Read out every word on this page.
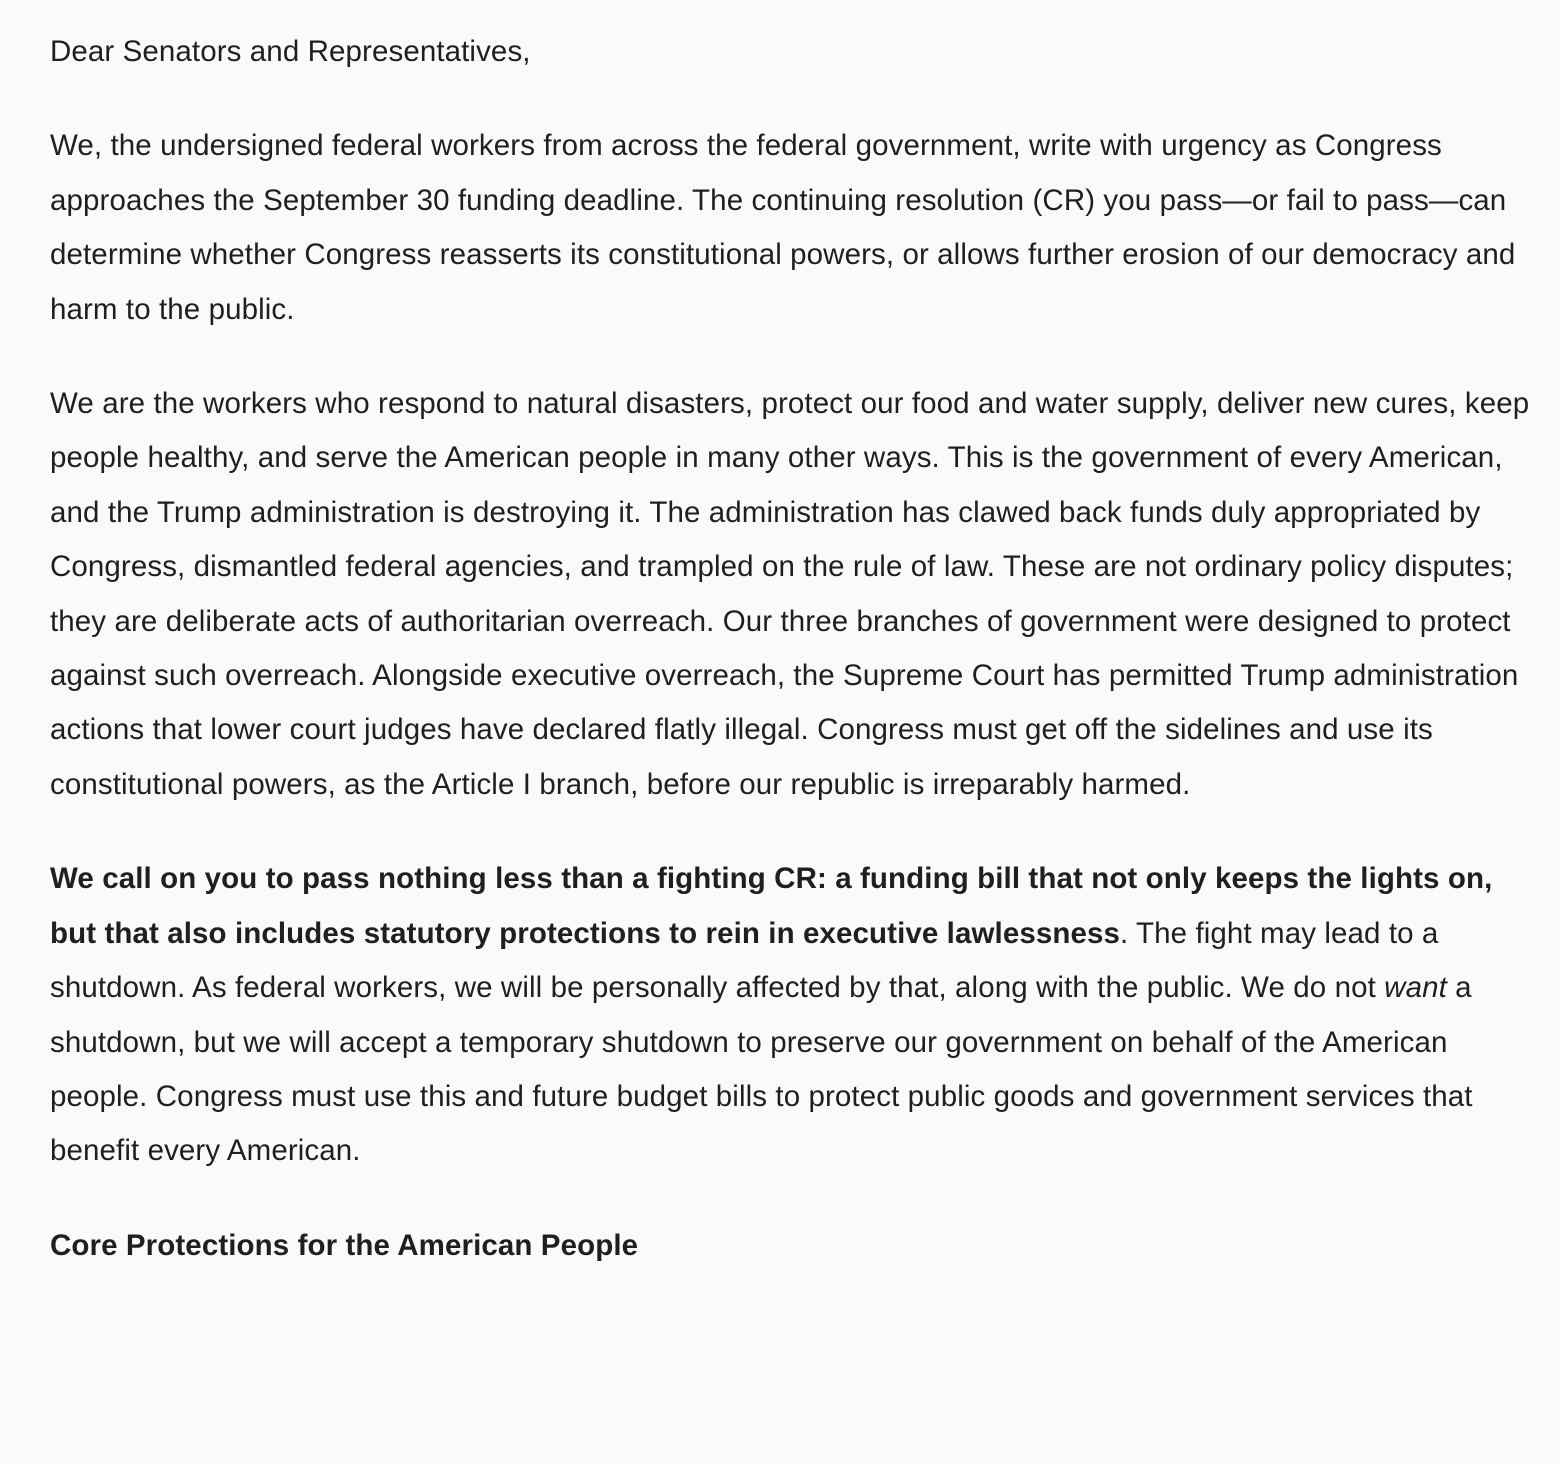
Dear Senators and Representatives,

We, the undersigned federal workers from across the federal government, write with urgency as Congress approaches the September 30 funding deadline. The continuing resolution (CR) you pass—or fail to pass—can determine whether Congress reasserts its constitutional powers, or allows further erosion of our democracy and harm to the public.

We are the workers who respond to natural disasters, protect our food and water supply, deliver new cures, keep people healthy, and serve the American people in many other ways. This is the government of every American, and the Trump administration is destroying it. The administration has clawed back funds duly appropriated by Congress, dismantled federal agencies, and trampled on the rule of law. These are not ordinary policy disputes; they are deliberate acts of authoritarian overreach. Our three branches of government were designed to protect against such overreach. Alongside executive overreach, the Supreme Court has permitted Trump administration actions that lower court judges have declared flatly illegal. Congress must get off the sidelines and use its constitutional powers, as the Article I branch, before our republic is irreparably harmed.

We call on you to pass nothing less than a fighting CR: a funding bill that not only keeps the lights on, but that also includes statutory protections to rein in executive lawlessness. The fight may lead to a shutdown. As federal workers, we will be personally affected by that, along with the public. We do not want a shutdown, but we will accept a temporary shutdown to preserve our government on behalf of the American people. Congress must use this and future budget bills to protect public goods and government services that benefit every American.

Core Protections for the American People
